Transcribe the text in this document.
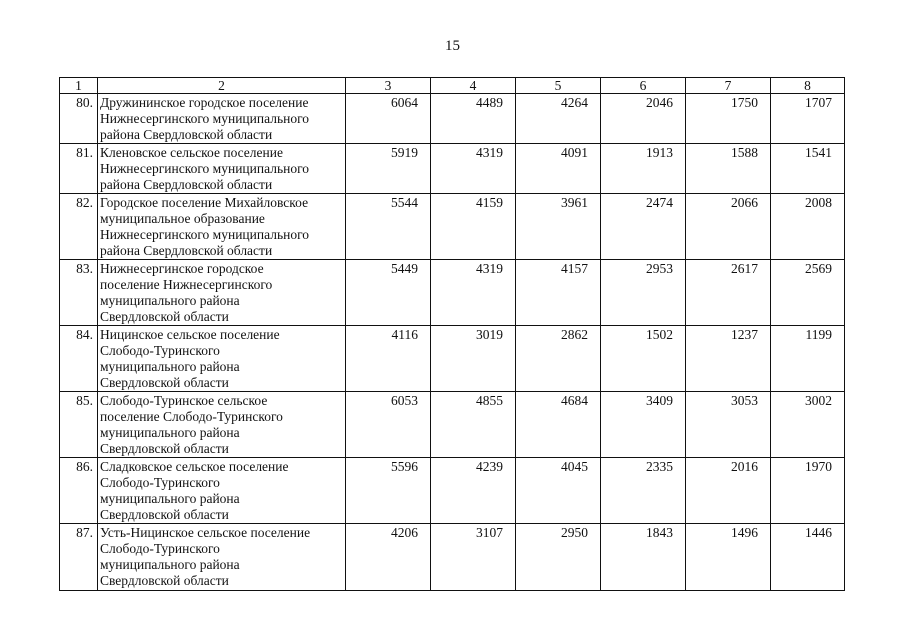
15
1	2	3	4	5	6	7	8
80.	Дружининское городское поселение
Нижнесергинского муниципального
района Свердловской области	6064	4489	4264	2046	1750	1707
81.	Кленовское сельское поселение
Нижнесергинского муниципального
района Свердловской области	5919	4319	4091	1913	1588	1541
82.	Городское поселение Михайловское
муниципальное образование
Нижнесергинского муниципального
района Свердловской области	5544	4159	3961	2474	2066	2008
83.	Нижнесергинское городское
поселение Нижнесергинского
муниципального района
Свердловской области	5449	4319	4157	2953	2617	2569
84.	Ницинское сельское поселение
Слободо-Туринского
муниципального района
Свердловской области	4116	3019	2862	1502	1237	1199
85.	Слободо-Туринское сельское
поселение Слободо-Туринского
муниципального района
Свердловской области	6053	4855	4684	3409	3053	3002
86.	Сладковское сельское поселение
Слободо-Туринского
муниципального района
Свердловской области	5596	4239	4045	2335	2016	1970
87.	Усть-Ницинское сельское поселение
Слободо-Туринского
муниципального района
Свердловской области	4206	3107	2950	1843	1496	1446
